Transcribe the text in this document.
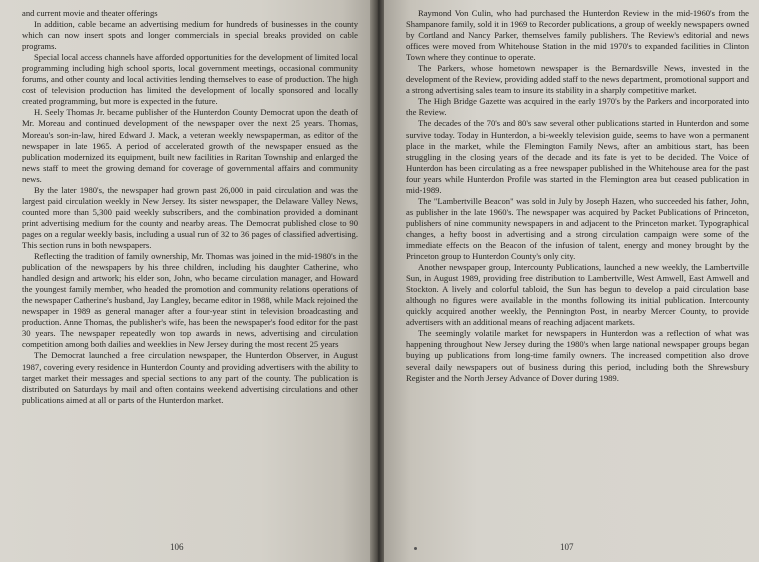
and current movie and theater offerings

In addition, cable became an advertising medium for hundreds of businesses in the county which can now insert spots and longer commercials in special breaks provided on cable programs.

Special local access channels have afforded opportunities for the development of limited local programming including high school sports, local government meetings, occasional community forums, and other county and local activities lending themselves to ease of production. The high cost of television production has limited the development of locally sponsored and locally created programming, but more is expected in the future.

H. Seely Thomas Jr. became publisher of the Hunterdon County Democrat upon the death of Mr. Moreau and continued development of the newspaper over the next 25 years. Thomas, Moreau's son-in-law, hired Edward J. Mack, a veteran weekly newspaperman, as editor of the newspaper in late 1965. A period of accelerated growth of the newspaper ensued as the publication modernized its equipment, built new facilities in Raritan Township and enlarged the news staff to meet the growing demand for coverage of governmental affairs and community news.

By the later 1980's, the newspaper had grown past 26,000 in paid circulation and was the largest paid circulation weekly in New Jersey. Its sister newspaper, the Delaware Valley News, counted more than 5,300 paid weekly subscribers, and the combination provided a dominant print advertising medium for the county and nearby areas. The Democrat published close to 90 pages on a regular weekly basis, including a usual run of 32 to 36 pages of classified advertising. This section runs in both newspapers.

Reflecting the tradition of family ownership, Mr. Thomas was joined in the mid-1980's in the publication of the newspapers by his three children, including his daughter Catherine, who handled design and artwork; his elder son, John, who became circulation manager, and Howard the youngest family member, who headed the promotion and community relations operations of the newspaper Catherine's husband, Jay Langley, became editor in 1988, while Mack rejoined the newspaper in 1989 as general manager after a four-year stint in television broadcasting and production. Anne Thomas, the publisher's wife, has been the newspaper's food editor for the past 30 years. The newspaper repeatedly won top awards in news, advertising and circulation competition among both dailies and weeklies in New Jersey during the most recent 25 years

The Democrat launched a free circulation newspaper, the Hunterdon Observer, in August 1987, covering every residence in Hunterdon County and providing advertisers with the ability to target market their messages and special sections to any part of the county. The publication is distributed on Saturdays by mail and often contains weekend advertising circulations and other publications aimed at all or parts of the Hunterdon market.

106

Raymond Von Culin, who had purchased the Hunterdon Review in the mid-1960's from the Shampanore family, sold it in 1969 to Recorder publications, a group of weekly newspapers owned by Cortland and Nancy Parker, themselves family publishers. The Review's editorial and news offices were moved from Whitehouse Station in the mid 1970's to expanded facilities in Clinton Town where they continue to operate.

The Parkers, whose hometown newspaper is the Bernardsville News, invested in the development of the Review, providing added staff to the news department, promotional support and a strong advertising sales team to insure its stability in a sharply competitive market.

The High Bridge Gazette was acquired in the early 1970's by the Parkers and incorporated into the Review.

The decades of the 70's and 80's saw several other publications started in Hunterdon and some survive today. Today in Hunterdon, a bi-weekly television guide, seems to have won a permanent place in the market, while the Flemington Family News, after an ambitious start, has been struggling in the closing years of the decade and its fate is yet to be decided. The Voice of Hunterdon has been circulating as a free newspaper published in the Whitehouse area for the past four years while Hunterdon Profile was started in the Flemington area but ceased publication in mid-1989.

The "Lambertville Beacon" was sold in July by Joseph Hazen, who succeeded his father, John, as publisher in the late 1960's. The newspaper was acquired by Packet Publications of Princeton, publishers of nine community newspapers in and adjacent to the Princeton market. Typographical changes, a hefty boost in advertising and a strong circulation campaign were some of the immediate effects on the Beacon of the infusion of talent, energy and money brought by the Princeton group to Hunterdon County's only city.

Another newspaper group, Intercounty Publications, launched a new weekly, the Lambertville Sun, in August 1989, providing free distribution to Lambertville, West Amwell, East Amwell and Stockton. A lively and colorful tabloid, the Sun has begun to develop a paid circulation base although no figures were available in the months following its initial publication. Intercounty quickly acquired another weekly, the Pennington Post, in nearby Mercer County, to provide advertisers with an additional means of reaching adjacent markets.

The seemingly volatile market for newspapers in Hunterdon was a reflection of what was happening throughout New Jersey during the 1980's when large national newspaper groups began buying up publications from long-time family owners. The increased competition also drove several daily newspapers out of business during this period, including both the Shrewsbury Register and the North Jersey Advance of Dover during 1989.

107
